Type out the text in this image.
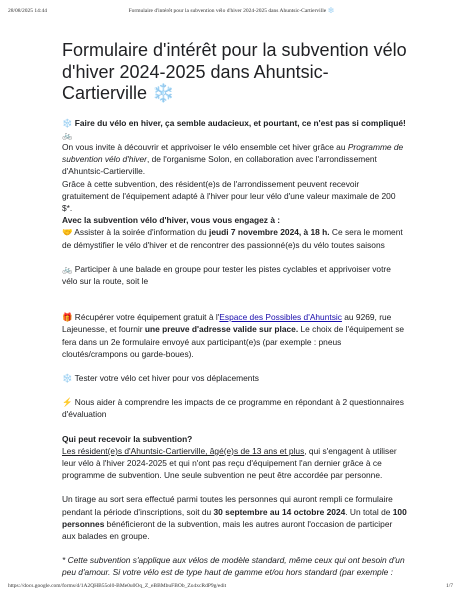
28/08/2025 14:44	Formulaire d'intérêt pour la subvention vélo d'hiver 2024-2025 dans Ahuntsic-Cartierville ❄️
Formulaire d'intérêt pour la subvention vélo d'hiver 2024-2025 dans Ahuntsic-Cartierville ❄️

❄️ Faire du vélo en hiver, ça semble audacieux, et pourtant, ce n'est pas si compliqué! 🚲

On vous invite à découvrir et apprivoiser le vélo ensemble cet hiver grâce au Programme de subvention vélo d'hiver, de l'organisme Solon, en collaboration avec l'arrondissement d'Ahuntsic-Cartierville.

Grâce à cette subvention, des résident(e)s de l'arrondissement peuvent recevoir gratuitement de l'équipement adapté à l'hiver pour leur vélo d'une valeur maximale de 200 $*.

Avec la subvention vélo d'hiver, vous vous engagez à :

🤝 Assister à la soirée d'information du jeudi 7 novembre 2024, à 18 h. Ce sera le moment de démystifier le vélo d'hiver et de rencontrer des passionné(e)s du vélo toutes saisons

🚲 Participer à une balade en groupe pour tester les pistes cyclables et apprivoiser votre vélo sur la route, soit le

🎁 Récupérer votre équipement gratuit à l'Espace des Possibles d'Ahuntsic au 9269, rue Lajeunesse, et fournir une preuve d'adresse valide sur place. Le choix de l'équipement se fera dans un 2e formulaire envoyé aux participant(e)s (par exemple : pneus cloutés/crampons ou garde-boues).

❄️ Tester votre vélo cet hiver pour vos déplacements

⚡ Nous aider à comprendre les impacts de ce programme en répondant à 2 questionnaires d'évaluation

Qui peut recevoir la subvention?

Les résident(e)s d'Ahuntsic-Cartierville, âgé(e)s de 13 ans et plus, qui s'engagent à utiliser leur vélo à l'hiver 2024-2025 et qui n'ont pas reçu d'équipement l'an dernier grâce à ce programme de subvention. Une seule subvention ne peut être accordée par personne.

Un tirage au sort sera effectué parmi toutes les personnes qui auront rempli ce formulaire pendant la période d'inscriptions, soit du 30 septembre au 14 octobre 2024. Un total de 100 personnes bénéficieront de la subvention, mais les autres auront l'occasion de participer aux balades en groupe.

* Cette subvention s'applique aux vélos de modèle standard, même ceux qui ont besoin d'un peu d'amour. Si votre vélo est de type haut de gamme et/ou hors standard (par exemple :

https://docs.google.com/forms/d/1A2QHB55ol0-BMe0u0Oq_Z_eBBMbuFBOb_Zo4xcRdP9g/edit	1/7
